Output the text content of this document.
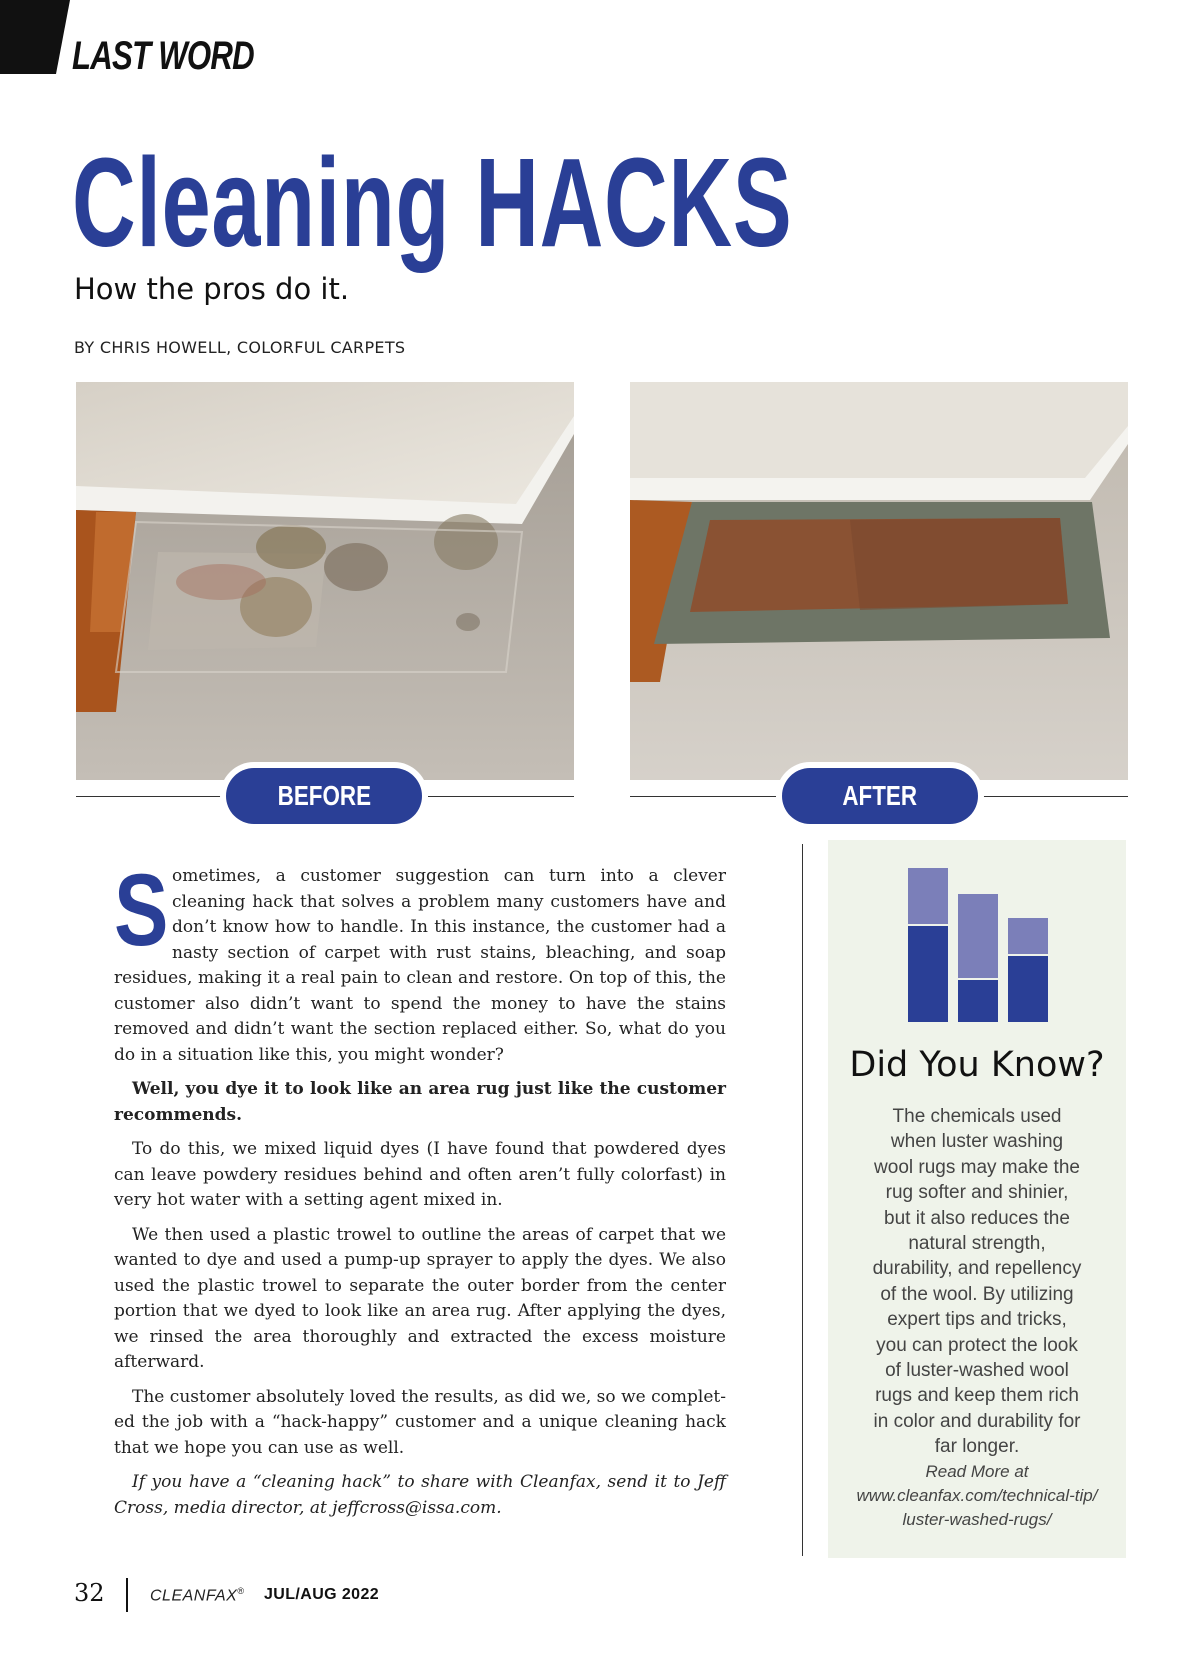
LAST WORD
Cleaning HACKS
How the pros do it.
BY CHRIS HOWELL, COLORFUL CARPETS
BEFORE	AFTER

Sometimes, a customer suggestion can turn into a clever cleaning hack that solves a problem many customers have and don’t know how to handle. In this instance, the customer had a nasty section of carpet with rust stains, bleaching, and soap residues, making it a real pain to clean and restore. On top of this, the customer also didn’t want to spend the money to have the stains removed and didn’t want the section replaced either. So, what do you do in a situation like this, you might wonder?

Well, you dye it to look like an area rug just like the customer recommends.

To do this, we mixed liquid dyes (I have found that powdered dyes can leave powdery residues behind and often aren’t fully colorfast) in very hot water with a setting agent mixed in.

We then used a plastic trowel to outline the areas of carpet that we wanted to dye and used a pump-up sprayer to apply the dyes. We also used the plastic trowel to separate the outer border from the center portion that we dyed to look like an area rug. After applying the dyes, we rinsed the area thoroughly and extracted the excess moisture afterward.

The customer absolutely loved the results, as did we, so we complet-ed the job with a “hack-happy” customer and a unique cleaning hack that we hope you can use as well.

If you have a “cleaning hack” to share with Cleanfax, send it to Jeff Cross, media director, at jeffcross@issa.com.

Did You Know?
The chemicals used when luster washing wool rugs may make the rug softer and shinier, but it also reduces the natural strength, durability, and repellency of the wool. By utilizing expert tips and tricks, you can protect the look of luster-washed wool rugs and keep them rich in color and durability for far longer.
Read More at
www.cleanfax.com/technical-tip/
luster-washed-rugs/
32	CLEANFAX® JUL/AUG 2022
